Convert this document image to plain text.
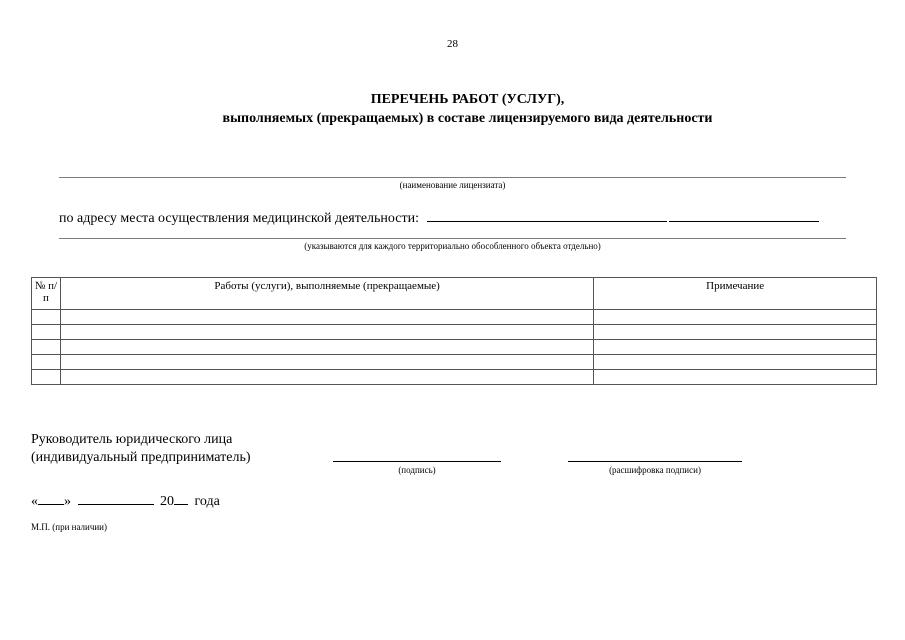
28
ПЕРЕЧЕНЬ РАБОТ (УСЛУГ),
выполняемых (прекращаемых) в составе лицензируемого вида деятельности
(наименование лицензиата)
по адресу места осуществления медицинской деятельности:
(указываются для каждого территориально обособленного объекта отдельно)
№ п/п	Работы (услуги), выполняемые (прекращаемые)	Примечание

Руководитель юридического лица
(индивидуальный предприниматель)
(подпись)	(расшифровка подписи)
« »	20 года
М.П. (при наличии)
